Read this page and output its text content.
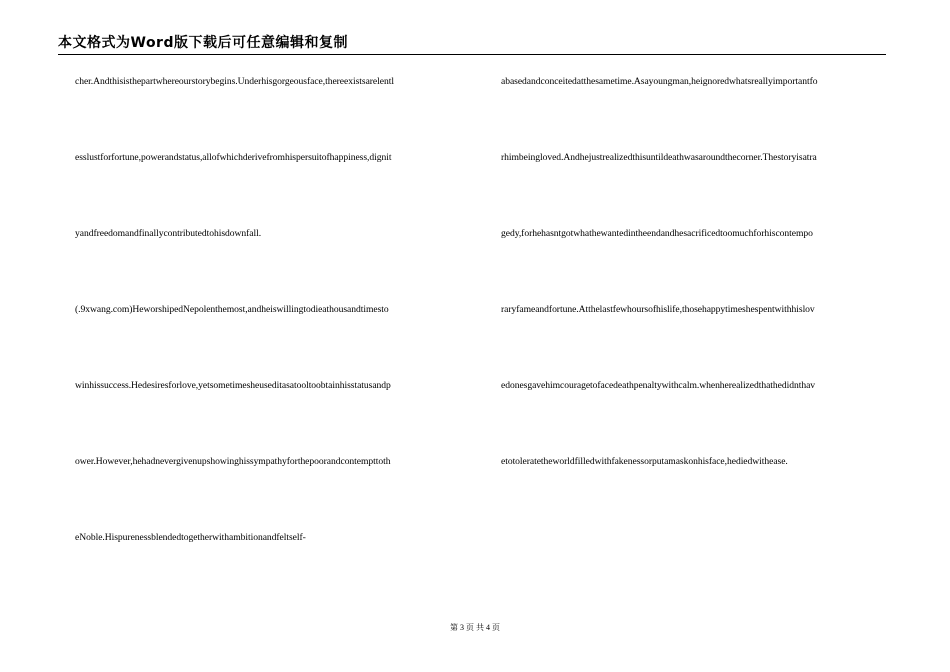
本文格式为Word版下载后可任意编辑和复制
cher.Andthisisthepartwhereourstorybegins.Underhisgorgeousface,thereexistsarelentl
esslustforfortune,powerandstatus,allofwhichderivefromhispersuitofhappiness,dignit
yandfreedomandfinallycontributedtohisdownfall.
(.9xwang.com)HeworshipedNepolenthemost,andheiswillingtodieathousandtimesto
winhissuccess.Hedesiresforlove,yetsometimesheuseditasatooltoobtainhisstatusandp
ower.However,hehadnevergivenupshowinghissympathyforthepoorandcontempttoth
eNoble.Hispurenessblendedtogetherwithambitionandfeltself-
abasedandconceitedatthesametime.Asayoungman,heignoredwhatsreallyimportantfo
rhimbeingloved.Andhejustrealizedthisuntildeathwasaroundthecorner.Thestoryisatra
gedy,forhehasntgotwhathewantedintheendandhesacrificedtoomuchforhiscontempo
raryfameandfortune.Atthelastfewhoursofhislife,thosehappytimeshespentwithhislov
edonesgavehimcouragetofacedeathpenaltywithcalm.whenherealizedthathedidnthav
etotoleratetheworldfilledwithfakenessorputamaskonhisface,hediedwithease.
第 3 页 共 4 页
